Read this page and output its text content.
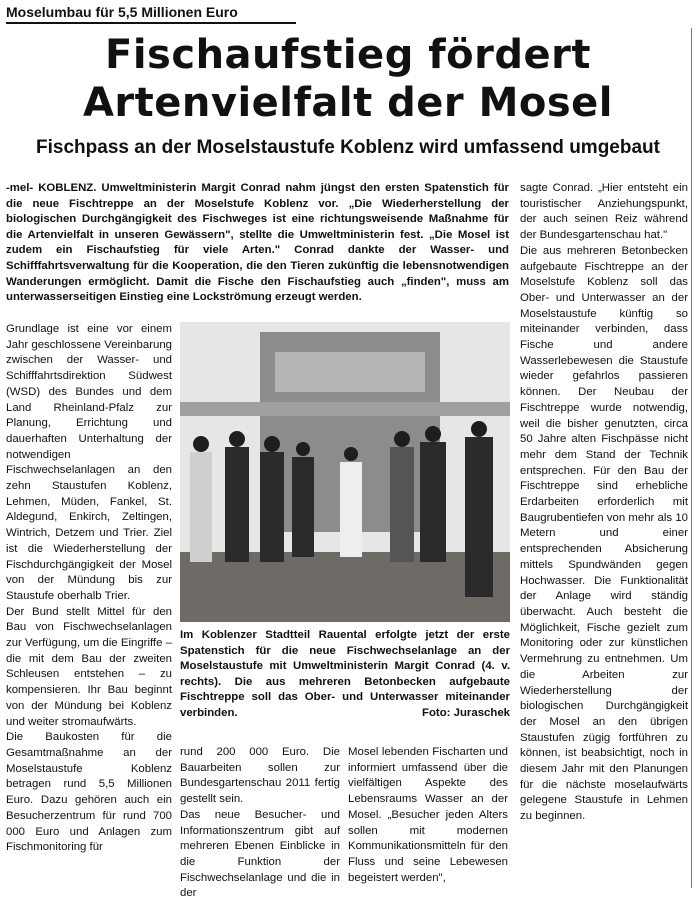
Moselumbau für 5,5 Millionen Euro
Fischaufstieg fördert
Artenvielfalt der Mosel
Fischpass an der Moselstaustufe Koblenz wird umfassend umgebaut
-mel- KOBLENZ. Umweltministerin Margit Conrad nahm jüngst den ersten Spatenstich für die neue Fischtreppe an der Moselstufe Koblenz vor. „Die Wiederherstellung der biologischen Durchgängigkeit des Fischweges ist eine richtungsweisende Maßnahme für die Artenvielfalt in unseren Gewässern", stellte die Umweltministerin fest. „Die Mosel ist zudem ein Fischaufstieg für viele Arten." Conrad dankte der Wasser- und Schifffahrtsverwaltung für die Kooperation, die den Tieren zukünftig die lebensnotwendigen Wanderungen ermöglicht. Damit die Fische den Fischaufstieg auch „finden", muss am unterwasserseitigen Einstieg eine Lockströmung erzeugt werden.

Grundlage ist eine vor einem Jahr geschlossene Vereinbarung zwischen der Wasser- und Schifffahrtsdirektion Südwest (WSD) des Bundes und dem Land Rheinland-Pfalz zur Planung, Errichtung und dauerhaften Unterhaltung der notwendigen Fischwechselanlagen an den zehn Staustufen Koblenz, Lehmen, Müden, Fankel, St. Aldegund, Enkirch, Zeltingen, Wintrich, Detzem und Trier. Ziel ist die Wiederherstellung der Fischdurchgängigkeit der Mosel von der Mündung bis zur Staustufe oberhalb Trier.

Der Bund stellt Mittel für den Bau von Fischwechselanlagen zur Verfügung, um die Eingriffe – die mit dem Bau der zweiten Schleusen entstehen – zu kompensieren. Ihr Bau beginnt von der Mündung bei Koblenz und weiter stromaufwärts.

Die Baukosten für die Gesamtmaßnahme an der Moselstaustufe Koblenz betragen rund 5,5 Millionen Euro. Dazu gehören auch ein Besucherzentrum für rund 700 000 Euro und Anlagen zum Fischmonitoring für

Im Koblenzer Stadtteil Rauental erfolgte jetzt der erste Spatenstich für die neue Fischwechselanlage an der Moselstaustufe mit Umweltministerin Margit Conrad (4. v. rechts). Die aus mehreren Betonbecken aufgebaute Fischtreppe soll das Ober- und Unterwasser miteinander verbinden.	Foto: Juraschek

rund 200 000 Euro. Die Bauarbeiten sollen zur Bundesgartenschau 2011 fertig gestellt sein.

Das neue Besucher- und Informationszentrum gibt auf mehreren Ebenen Einblicke in die Funktion der Fischwechselanlage und die in der

Mosel lebenden Fischarten und informiert umfassend über die vielfältigen Aspekte des Lebensraums Wasser an der Mosel. „Besucher jeden Alters sollen mit modernen Kommunikationsmitteln für den Fluss und seine Lebewesen begeistert werden",

sagte Conrad. „Hier entsteht ein touristischer Anziehungspunkt, der auch seinen Reiz während der Bundesgartenschau hat."

Die aus mehreren Betonbecken aufgebaute Fischtreppe an der Moselstufe Koblenz soll das Ober- und Unterwasser an der Moselstaustufe künftig so miteinander verbinden, dass Fische und andere Wasserlebewesen die Staustufe wieder gefahrlos passieren können. Der Neubau der Fischtreppe wurde notwendig, weil die bisher genutzten, circa 50 Jahre alten Fischpässe nicht mehr dem Stand der Technik entsprechen. Für den Bau der Fischtreppe sind erhebliche Erdarbeiten erforderlich mit Baugrubentiefen von mehr als 10 Metern und einer entsprechenden Absicherung mittels Spundwänden gegen Hochwasser. Die Funktionalität der Anlage wird ständig überwacht. Auch besteht die Möglichkeit, Fische gezielt zum Monitoring oder zur künstlichen Vermehrung zu entnehmen. Um die Arbeiten zur Wiederherstellung der biologischen Durchgängigkeit der Mosel an den übrigen Staustufen zügig fortführen zu können, ist beabsichtigt, noch in diesem Jahr mit den Planungen für die nächste moselaufwärts gelegene Staustufe in Lehmen zu beginnen.
